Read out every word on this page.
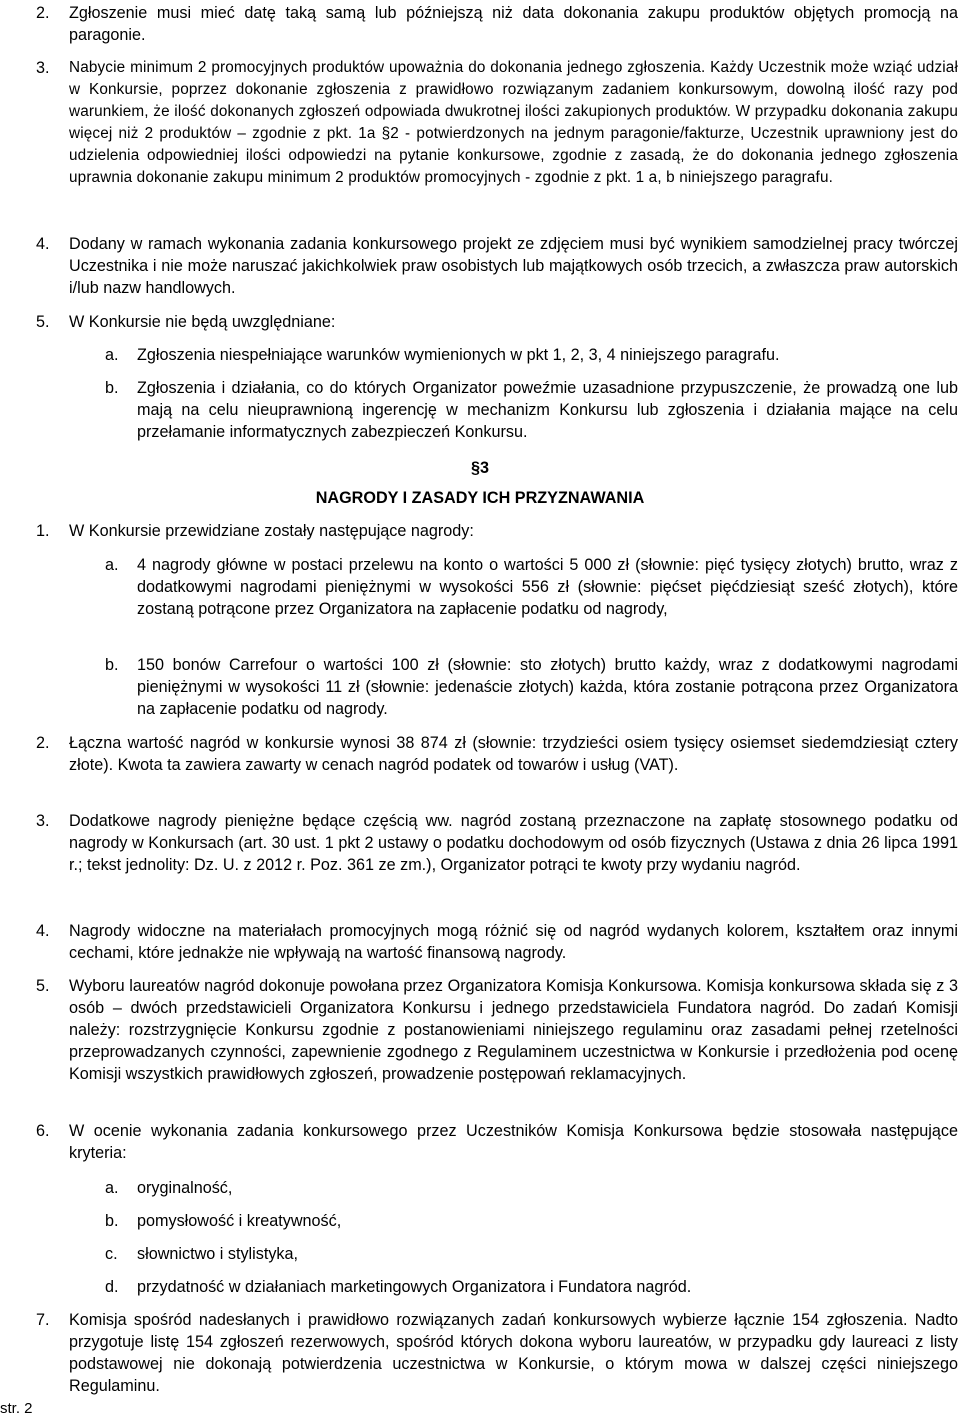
2. Zgłoszenie musi mieć datę taką samą lub późniejszą niż data dokonania zakupu produktów objętych promocją na paragonie.
3. Nabycie minimum 2 promocyjnych produktów upoważnia do dokonania jednego zgłoszenia. Każdy Uczestnik może wziąć udział w Konkursie, poprzez dokonanie zgłoszenia z prawidłowo rozwiązanym zadaniem konkursowym, dowolną ilość razy pod warunkiem, że ilość dokonanych zgłoszeń odpowiada dwukrotnej ilości zakupionych produktów. W przypadku dokonania zakupu więcej niż 2 produktów – zgodnie z pkt. 1a §2 - potwierdzonych na jednym paragonie/fakturze, Uczestnik uprawniony jest do udzielenia odpowiedniej ilości odpowiedzi na pytanie konkursowe, zgodnie z zasadą, że do dokonania jednego zgłoszenia uprawnia dokonanie zakupu minimum 2 produktów promocyjnych - zgodnie z pkt. 1 a, b niniejszego paragrafu.
4. Dodany w ramach wykonania zadania konkursowego projekt ze zdjęciem musi być wynikiem samodzielnej pracy twórczej Uczestnika i nie może naruszać jakichkolwiek praw osobistych lub majątkowych osób trzecich, a zwłaszcza praw autorskich i/lub nazw handlowych.
5. W Konkursie nie będą uwzględniane:
a. Zgłoszenia niespełniające warunków wymienionych w pkt 1, 2, 3, 4 niniejszego paragrafu.
b. Zgłoszenia i działania, co do których Organizator poweźmie uzasadnione przypuszczenie, że prowadzą one lub mają na celu nieuprawnioną ingerencję w mechanizm Konkursu lub zgłoszenia i działania mające na celu przełamanie informatycznych zabezpieczeń Konkursu.
§3
NAGRODY I ZASADY ICH PRZYZNAWANIA
1. W Konkursie przewidziane zostały następujące nagrody:
a. 4 nagrody główne w postaci przelewu na konto o wartości 5 000 zł (słownie: pięć tysięcy złotych) brutto, wraz z dodatkowymi nagrodami pieniężnymi w wysokości 556 zł (słownie: pięćset pięćdziesiąt sześć złotych), które zostaną potrącone przez Organizatora na zapłacenie podatku od nagrody,
b. 150 bonów Carrefour o wartości 100 zł (słownie: sto złotych) brutto każdy, wraz z dodatkowymi nagrodami pieniężnymi w wysokości 11 zł (słownie: jedenaście złotych) każda, która zostanie potrącona przez Organizatora na zapłacenie podatku od nagrody.
2. Łączna wartość nagród w konkursie wynosi 38 874 zł (słownie: trzydzieści osiem tysięcy osiemset siedemdziesiąt cztery złote). Kwota ta zawiera zawarty w cenach nagród podatek od towarów i usług (VAT).
3. Dodatkowe nagrody pieniężne będące częścią ww. nagród zostaną przeznaczone na zapłatę stosownego podatku od nagrody w Konkursach (art. 30 ust. 1 pkt 2 ustawy o podatku dochodowym od osób fizycznych (Ustawa z dnia 26 lipca 1991 r.; tekst jednolity: Dz. U. z 2012 r. Poz. 361 ze zm.), Organizator potrąci te kwoty przy wydaniu nagród.
4. Nagrody widoczne na materiałach promocyjnych mogą różnić się od nagród wydanych kolorem, kształtem oraz innymi cechami, które jednakże nie wpływają na wartość finansową nagrody.
5. Wyboru laureatów nagród dokonuje powołana przez Organizatora Komisja Konkursowa. Komisja konkursowa składa się z 3 osób – dwóch przedstawicieli Organizatora Konkursu i jednego przedstawiciela Fundatora nagród. Do zadań Komisji należy: rozstrzygnięcie Konkursu zgodnie z postanowieniami niniejszego regulaminu oraz zasadami pełnej rzetelności przeprowadzanych czynności, zapewnienie zgodnego z Regulaminem uczestnictwa w Konkursie i przedłożenia pod ocenę Komisji wszystkich prawidłowych zgłoszeń, prowadzenie postępowań reklamacyjnych.
6. W ocenie wykonania zadania konkursowego przez Uczestników Komisja Konkursowa będzie stosowała następujące kryteria:
a. oryginalność,
b. pomysłowość i kreatywność,
c. słownictwo i stylistyka,
d. przydatność w działaniach marketingowych Organizatora i Fundatora nagród.
7. Komisja spośród nadesłanych i prawidłowo rozwiązanych zadań konkursowych wybierze łącznie 154 zgłoszenia. Nadto przygotuje listę 154 zgłoszeń rezerwowych, spośród których dokona wyboru laureatów, w przypadku gdy laureaci z listy podstawowej nie dokonają potwierdzenia uczestnictwa w Konkursie, o którym mowa w dalszej części niniejszego Regulaminu.
str. 2
